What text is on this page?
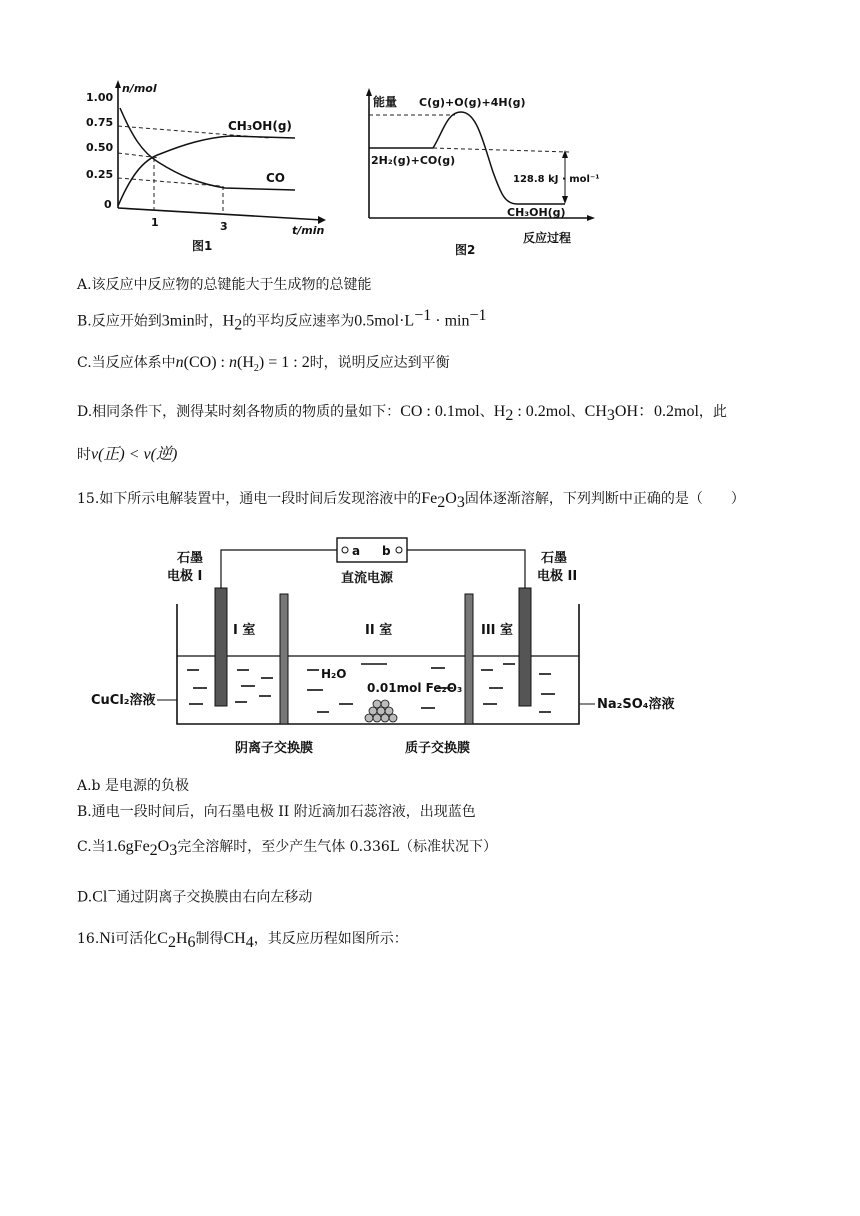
n/mol
t/min
1.00
0.75
0.50
0.25
0
CH₃OH(g)
CO
1	3
图1
能量 C(g)+O(g)+4H(g)
2H₂(g)+CO(g)
CH₃OH(g)
128.8 kJ · mol⁻¹
反应过程
图2
A.该反应中反应物的总键能大于生成物的总键能
B.反应开始到3min时，$H_2$的平均反应速率为$0.5mol\cdot L^{-1} \cdot \min^{-1}$
C.当反应体系中n(CO) : $n(H_2) = 1$ : 2时，说明反应达到平衡
D.相同条件下，测得某时刻各物质的物质的量如下：CO : 0.1mol、$H_2$ : 0.2mol、$CH_3OH$：0.2mol，此
时v(正) < v(逆)
15.如下所示电解装置中，通电一段时间后发现溶液中的$Fe_2O_3$固体逐渐溶解，下列判断中正确的是（　　）
a b
直流电源
石墨
电极 I
石墨
电极 II
I 室	II 室	III 室
H₂O
0.01mol Fe₂O₃
CuCl₂溶液	Na₂SO₄溶液
阴离子交换膜	质子交换膜
A.b 是电源的负极
B.通电一段时间后，向石墨电极 II 附近滴加石蕊溶液，出现蓝色
C.当$1.6gFe_2O_3$完全溶解时，至少产生气体 0.336L（标准状况下）
D.Cl−通过阴离子交换膜由右向左移动
16.Ni可活化$C_2H_6$制得$CH_4$，其反应历程如图所示：
